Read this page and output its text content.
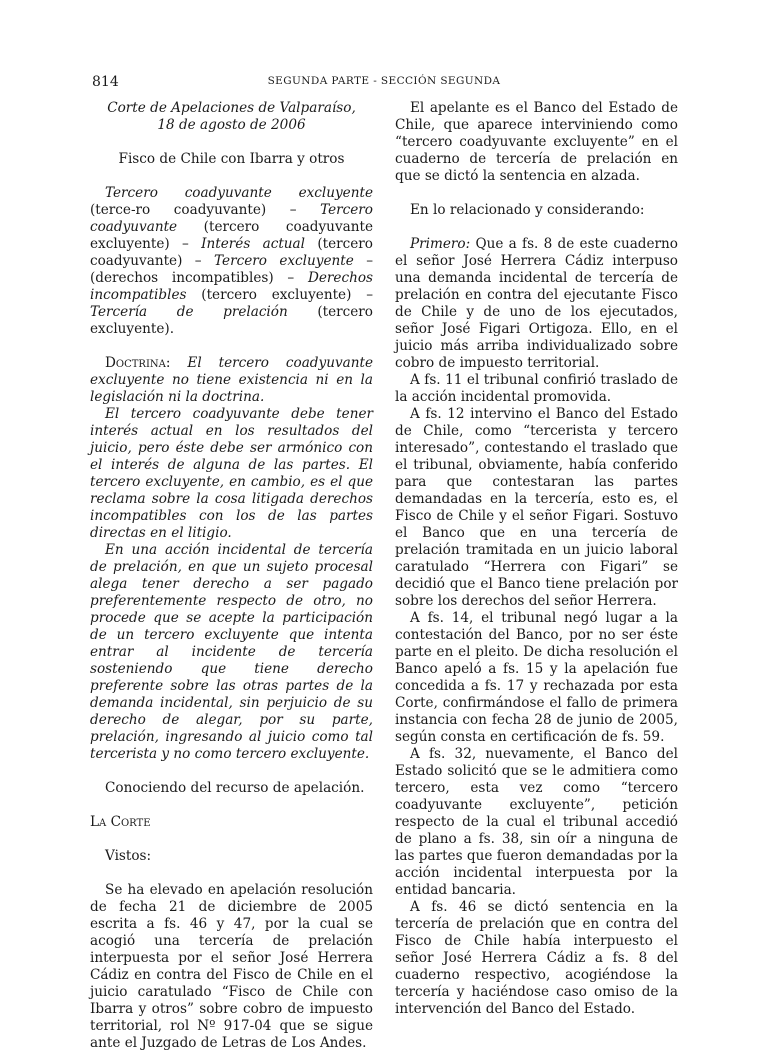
814	SEGUNDA PARTE - SECCIÓN SEGUNDA

Corte de Apelaciones de Valparaíso,

18 de agosto de 2006

Fisco de Chile con Ibarra y otros

Tercero coadyuvante excluyente (terce-ro coadyuvante) – Tercero coadyuvante (tercero coadyuvante excluyente) – Interés actual (tercero coadyuvante) – Tercero excluyente – (derechos incompatibles) – Derechos incompatibles (tercero excluyente) – Tercería de prelación (tercero excluyente).

Doctrina: El tercero coadyuvante excluyente no tiene existencia ni en la legislación ni la doctrina.

El tercero coadyuvante debe tener interés actual en los resultados del juicio, pero éste debe ser armónico con el interés de alguna de las partes. El tercero excluyente, en cambio, es el que reclama sobre la cosa litigada derechos incompatibles con los de las partes directas en el litigio.

En una acción incidental de tercería de prelación, en que un sujeto procesal alega tener derecho a ser pagado preferentemente respecto de otro, no procede que se acepte la participación de un tercero excluyente que intenta entrar al incidente de tercería sosteniendo que tiene derecho preferente sobre las otras partes de la demanda incidental, sin perjuicio de su derecho de alegar, por su parte, prelación, ingresando al juicio como tal tercerista y no como tercero excluyente.

Conociendo del recurso de apelación.

La Corte

Vistos:

Se ha elevado en apelación resolución de fecha 21 de diciembre de 2005 escrita a fs. 46 y 47, por la cual se acogió una tercería de prelación interpuesta por el señor José Herrera Cádiz en contra del Fisco de Chile en el juicio caratulado “Fisco de Chile con Ibarra y otros” sobre cobro de impuesto territorial, rol Nº 917-04 que se sigue ante el Juzgado de Letras de Los Andes.

El apelante es el Banco del Estado de Chile, que aparece interviniendo como “tercero coadyuvante excluyente” en el cuaderno de tercería de prelación en que se dictó la sentencia en alzada.

En lo relacionado y considerando:

Primero: Que a fs. 8 de este cuaderno el señor José Herrera Cádiz interpuso una demanda incidental de tercería de prelación en contra del ejecutante Fisco de Chile y de uno de los ejecutados, señor José Figari Ortigoza. Ello, en el juicio más arriba individualizado sobre cobro de impuesto territorial.

A fs. 11 el tribunal confirió traslado de la acción incidental promovida.

A fs. 12 intervino el Banco del Estado de Chile, como “tercerista y tercero interesado”, contestando el traslado que el tribunal, obviamente, había conferido para que contestaran las partes demandadas en la tercería, esto es, el Fisco de Chile y el señor Figari. Sostuvo el Banco que en una tercería de prelación tramitada en un juicio laboral caratulado “Herrera con Figari” se decidió que el Banco tiene prelación por sobre los derechos del señor Herrera.

A fs. 14, el tribunal negó lugar a la contestación del Banco, por no ser éste parte en el pleito. De dicha resolución el Banco apeló a fs. 15 y la apelación fue concedida a fs. 17 y rechazada por esta Corte, confirmándose el fallo de primera instancia con fecha 28 de junio de 2005, según consta en certificación de fs. 59.

A fs. 32, nuevamente, el Banco del Estado solicitó que se le admitiera como tercero, esta vez como “tercero coadyuvante excluyente”, petición respecto de la cual el tribunal accedió de plano a fs. 38, sin oír a ninguna de las partes que fueron demandadas por la acción incidental interpuesta por la entidad bancaria.

A fs. 46 se dictó sentencia en la tercería de prelación que en contra del Fisco de Chile había interpuesto el señor José Herrera Cádiz a fs. 8 del cuaderno respectivo, acogiéndose la tercería y haciéndose caso omiso de la intervención del Banco del Estado.
